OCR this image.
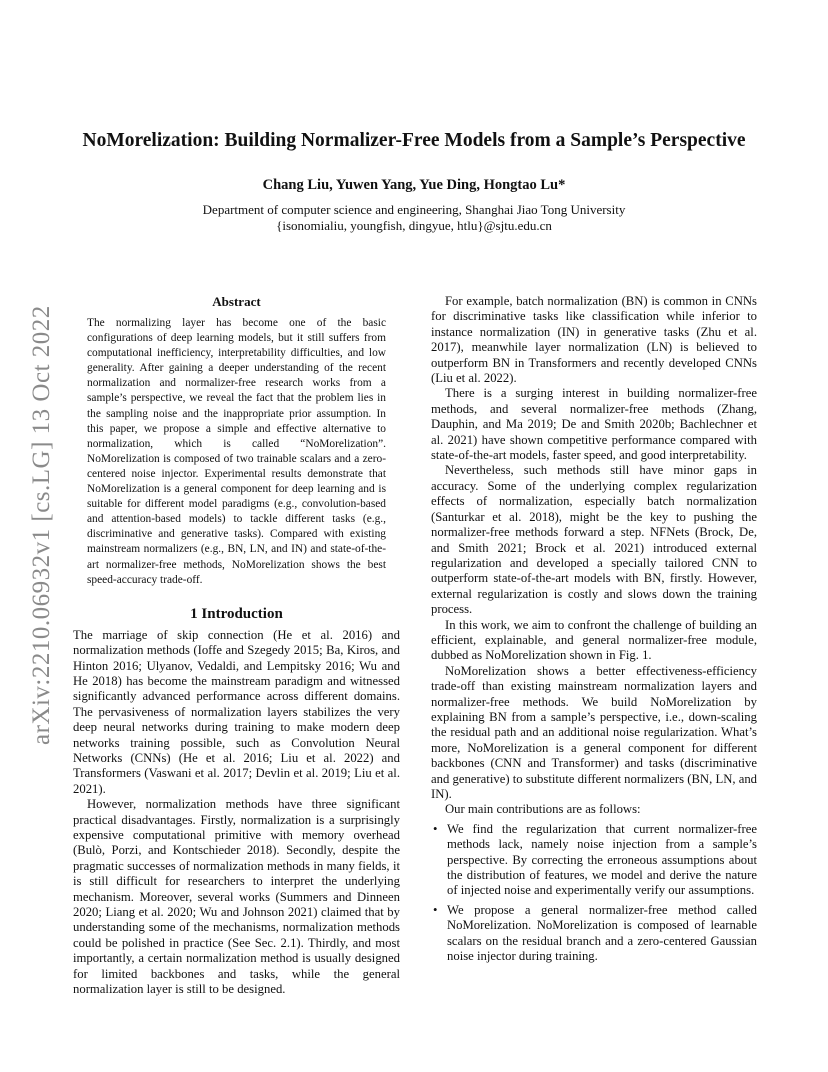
arXiv:2210.06932v1 [cs.LG] 13 Oct 2022
NoMorelization: Building Normalizer-Free Models from a Sample’s Perspective
Chang Liu, Yuwen Yang, Yue Ding, Hongtao Lu*
Department of computer science and engineering, Shanghai Jiao Tong University
{isonomialiu, youngfish, dingyue, htlu}@sjtu.edu.cn
Abstract

The normalizing layer has become one of the basic configurations of deep learning models, but it still suffers from computational inefficiency, interpretability difficulties, and low generality. After gaining a deeper understanding of the recent normalization and normalizer-free research works from a sample’s perspective, we reveal the fact that the problem lies in the sampling noise and the inappropriate prior assumption. In this paper, we propose a simple and effective alternative to normalization, which is called “NoMorelization”. NoMorelization is composed of two trainable scalars and a zero-centered noise injector. Experimental results demonstrate that NoMorelization is a general component for deep learning and is suitable for different model paradigms (e.g., convolution-based and attention-based models) to tackle different tasks (e.g., discriminative and generative tasks). Compared with existing mainstream normalizers (e.g., BN, LN, and IN) and state-of-the-art normalizer-free methods, NoMorelization shows the best speed-accuracy trade-off.

1 Introduction

The marriage of skip connection (He et al. 2016) and normalization methods (Ioffe and Szegedy 2015; Ba, Kiros, and Hinton 2016; Ulyanov, Vedaldi, and Lempitsky 2016; Wu and He 2018) has become the mainstream paradigm and witnessed significantly advanced performance across different domains. The pervasiveness of normalization layers stabilizes the very deep neural networks during training to make modern deep networks training possible, such as Convolution Neural Networks (CNNs) (He et al. 2016; Liu et al. 2022) and Transformers (Vaswani et al. 2017; Devlin et al. 2019; Liu et al. 2021).

However, normalization methods have three significant practical disadvantages. Firstly, normalization is a surprisingly expensive computational primitive with memory overhead (Bulò, Porzi, and Kontschieder 2018). Secondly, despite the pragmatic successes of normalization methods in many fields, it is still difficult for researchers to interpret the underlying mechanism. Moreover, several works (Summers and Dinneen 2020; Liang et al. 2020; Wu and Johnson 2021) claimed that by understanding some of the mechanisms, normalization methods could be polished in practice (See Sec. 2.1). Thirdly, and most importantly, a certain normalization method is usually designed for limited backbones and tasks, while the general normalization layer is still to be designed.

For example, batch normalization (BN) is common in CNNs for discriminative tasks like classification while inferior to instance normalization (IN) in generative tasks (Zhu et al. 2017), meanwhile layer normalization (LN) is believed to outperform BN in Transformers and recently developed CNNs (Liu et al. 2022).

There is a surging interest in building normalizer-free methods, and several normalizer-free methods (Zhang, Dauphin, and Ma 2019; De and Smith 2020b; Bachlechner et al. 2021) have shown competitive performance compared with state-of-the-art models, faster speed, and good interpretability.

Nevertheless, such methods still have minor gaps in accuracy. Some of the underlying complex regularization effects of normalization, especially batch normalization (Santurkar et al. 2018), might be the key to pushing the normalizer-free methods forward a step. NFNets (Brock, De, and Smith 2021; Brock et al. 2021) introduced external regularization and developed a specially tailored CNN to outperform state-of-the-art models with BN, firstly. However, external regularization is costly and slows down the training process.

In this work, we aim to confront the challenge of building an efficient, explainable, and general normalizer-free module, dubbed as NoMorelization shown in Fig. 1.

NoMorelization shows a better effectiveness-efficiency trade-off than existing mainstream normalization layers and normalizer-free methods. We build NoMorelization by explaining BN from a sample’s perspective, i.e., down-scaling the residual path and an additional noise regularization. What’s more, NoMorelization is a general component for different backbones (CNN and Transformer) and tasks (discriminative and generative) to substitute different normalizers (BN, LN, and IN).

Our main contributions are as follows:

• We find the regularization that current normalizer-free methods lack, namely noise injection from a sample’s perspective. By correcting the erroneous assumptions about the distribution of features, we model and derive the nature of injected noise and experimentally verify our assumptions.

• We propose a general normalizer-free method called NoMorelization. NoMorelization is composed of learnable scalars on the residual branch and a zero-centered Gaussian noise injector during training.
